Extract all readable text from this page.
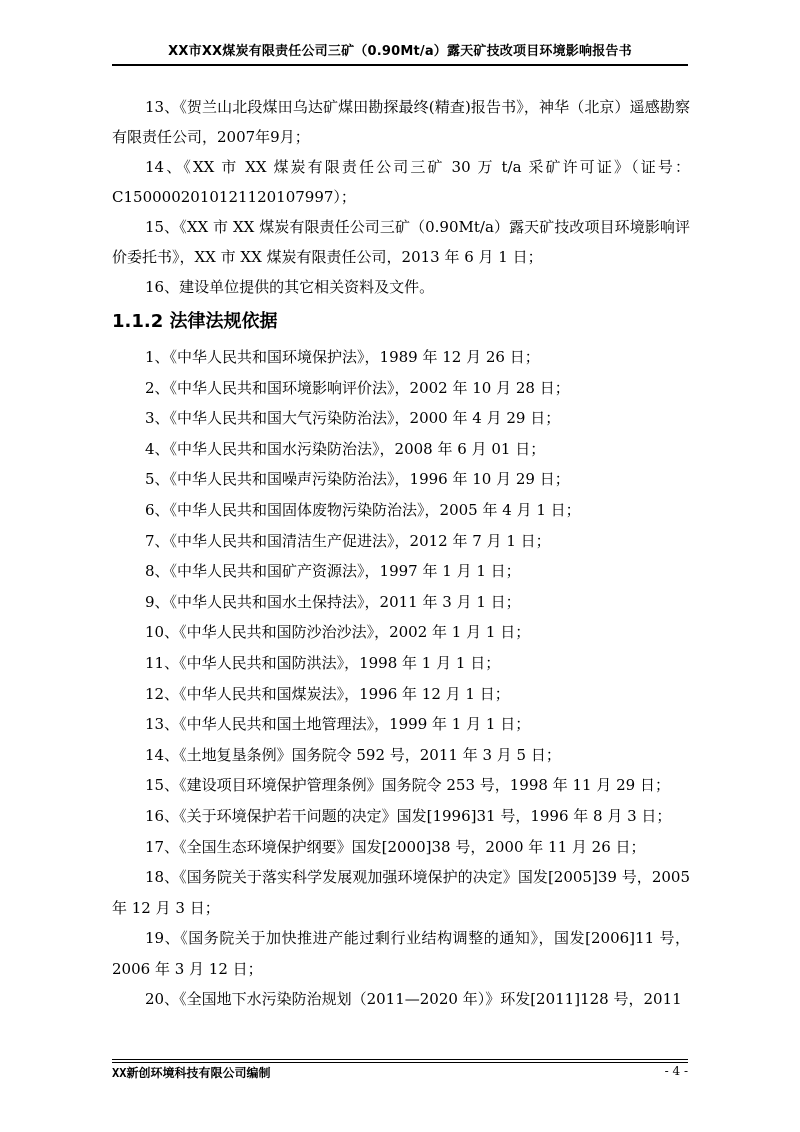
XX市XX煤炭有限责任公司三矿（0.90Mt/a）露天矿技改项目环境影响报告书

13、《贺兰山北段煤田乌达矿煤田勘探最终(精查)报告书》，神华（北京）遥感勘察有限责任公司，2007年9月；

14、《XX 市 XX 煤炭有限责任公司三矿 30 万 t/a 采矿许可证》（证号：C1500002010121120107997）；

15、《XX 市 XX 煤炭有限责任公司三矿（0.90Mt/a）露天矿技改项目环境影响评价委托书》，XX 市 XX 煤炭有限责任公司，2013 年 6 月 1 日；

16、建设单位提供的其它相关资料及文件。

1.1.2 法律法规依据

1、《中华人民共和国环境保护法》，1989 年 12 月 26 日；

2、《中华人民共和国环境影响评价法》，2002 年 10 月 28 日；

3、《中华人民共和国大气污染防治法》，2000 年 4 月 29 日；

4、《中华人民共和国水污染防治法》，2008 年 6 月 01 日；

5、《中华人民共和国噪声污染防治法》，1996 年 10 月 29 日；

6、《中华人民共和国固体废物污染防治法》，2005 年 4 月 1 日；

7、《中华人民共和国清洁生产促进法》，2012 年 7 月 1 日；

8、《中华人民共和国矿产资源法》，1997 年 1 月 1 日；

9、《中华人民共和国水土保持法》，2011 年 3 月 1 日；

10、《中华人民共和国防沙治沙法》，2002 年 1 月 1 日；

11、《中华人民共和国防洪法》，1998 年 1 月 1 日；

12、《中华人民共和国煤炭法》，1996 年 12 月 1 日；

13、《中华人民共和国土地管理法》，1999 年 1 月 1 日；

14、《土地复垦条例》国务院令 592 号，2011 年 3 月 5 日；

15、《建设项目环境保护管理条例》国务院令 253 号，1998 年 11 月 29 日；

16、《关于环境保护若干问题的决定》国发[1996]31 号，1996 年 8 月 3 日；

17、《全国生态环境保护纲要》国发[2000]38 号，2000 年 11 月 26 日；

18、《国务院关于落实科学发展观加强环境保护的决定》国发[2005]39 号，2005 年 12 月 3 日；

19、《国务院关于加快推进产能过剩行业结构调整的通知》，国发[2006]11 号，2006 年 3 月 12 日；

20、《全国地下水污染防治规划（2011—2020 年）》环发[2011]128 号，2011

XX新创环境科技有限公司编制	- 4 -
